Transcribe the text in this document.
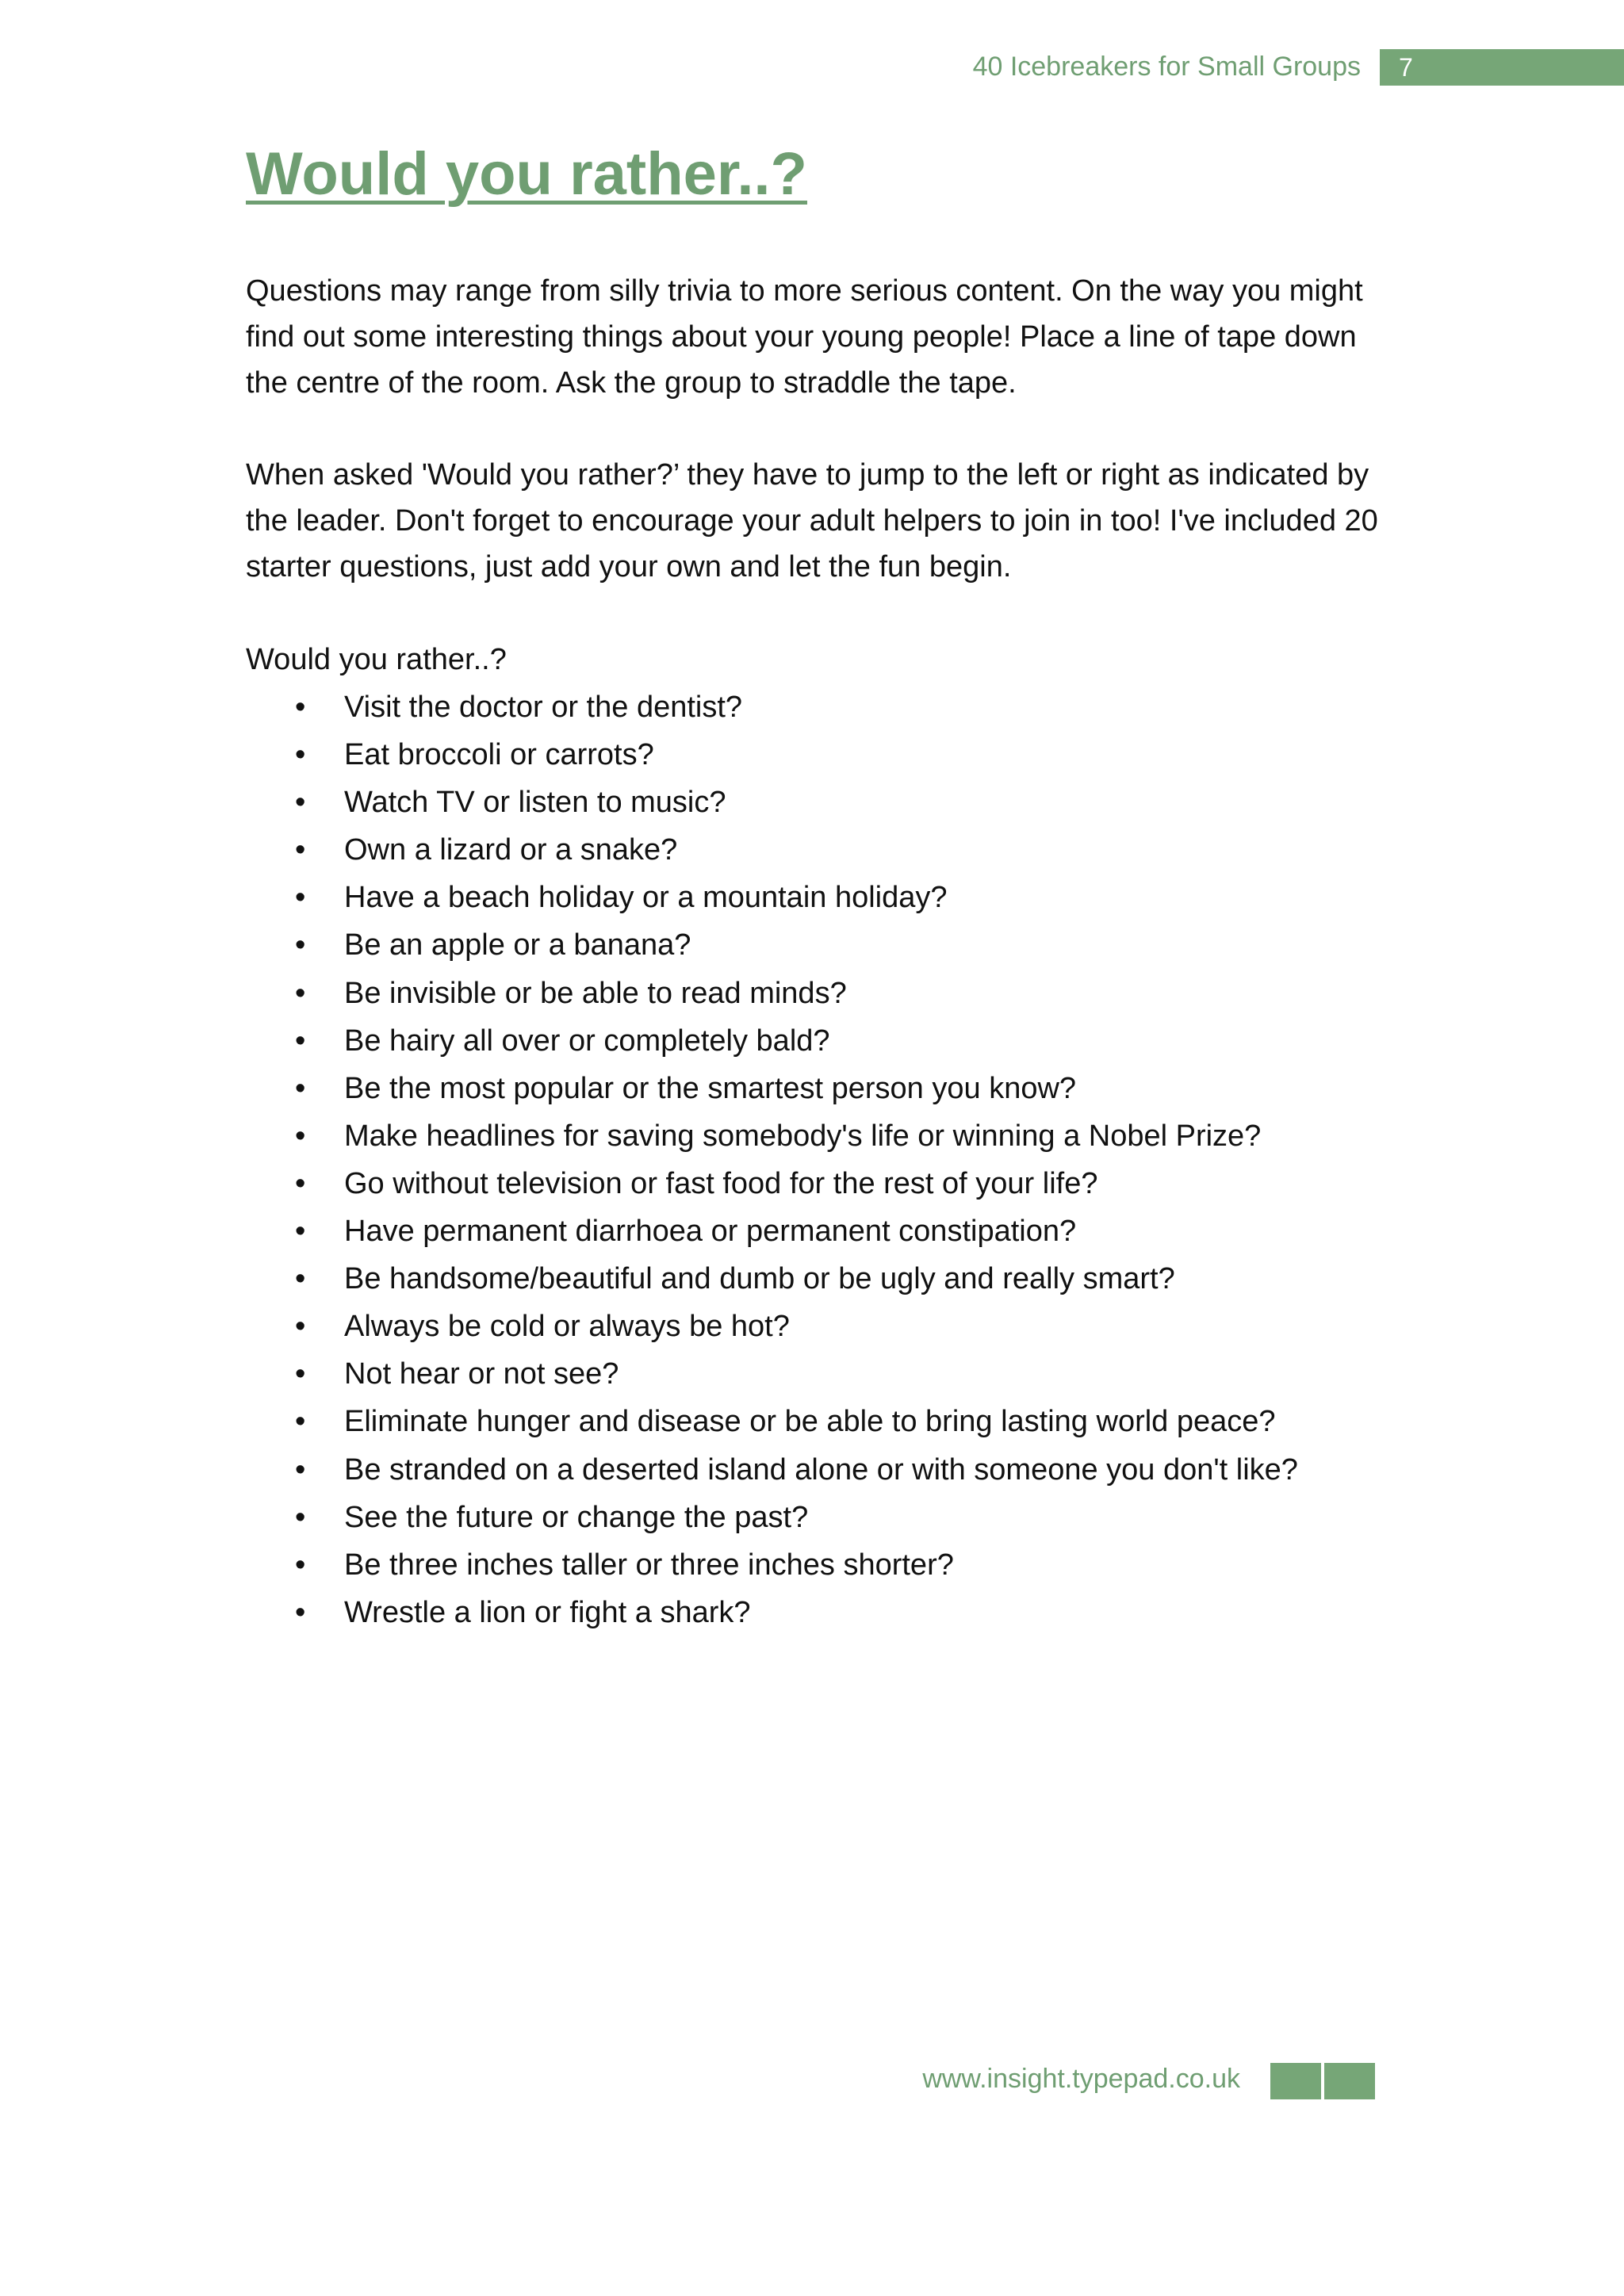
40 Icebreakers for Small Groups 7
Would you rather..?

Questions may range from silly trivia to more serious content. On the way you might find out some interesting things about your young people! Place a line of tape down the centre of the room. Ask the group to straddle the tape.

When asked 'Would you rather?’ they have to jump to the left or right as indicated by the leader. Don't forget to encourage your adult helpers to join in too! I've included 20 starter questions, just add your own and let the fun begin.

Would you rather..?

• Visit the doctor or the dentist?
• Eat broccoli or carrots?
• Watch TV or listen to music?
• Own a lizard or a snake?
• Have a beach holiday or a mountain holiday?
• Be an apple or a banana?
• Be invisible or be able to read minds?
• Be hairy all over or completely bald?
• Be the most popular or the smartest person you know?
• Make headlines for saving somebody's life or winning a Nobel Prize?
• Go without television or fast food for the rest of your life?
• Have permanent diarrhoea or permanent constipation?
• Be handsome/beautiful and dumb or be ugly and really smart?
• Always be cold or always be hot?
• Not hear or not see?
• Eliminate hunger and disease or be able to bring lasting world peace?
• Be stranded on a deserted island alone or with someone you don't like?
• See the future or change the past?
• Be three inches taller or three inches shorter?
• Wrestle a lion or fight a shark?
www.insight.typepad.co.uk
